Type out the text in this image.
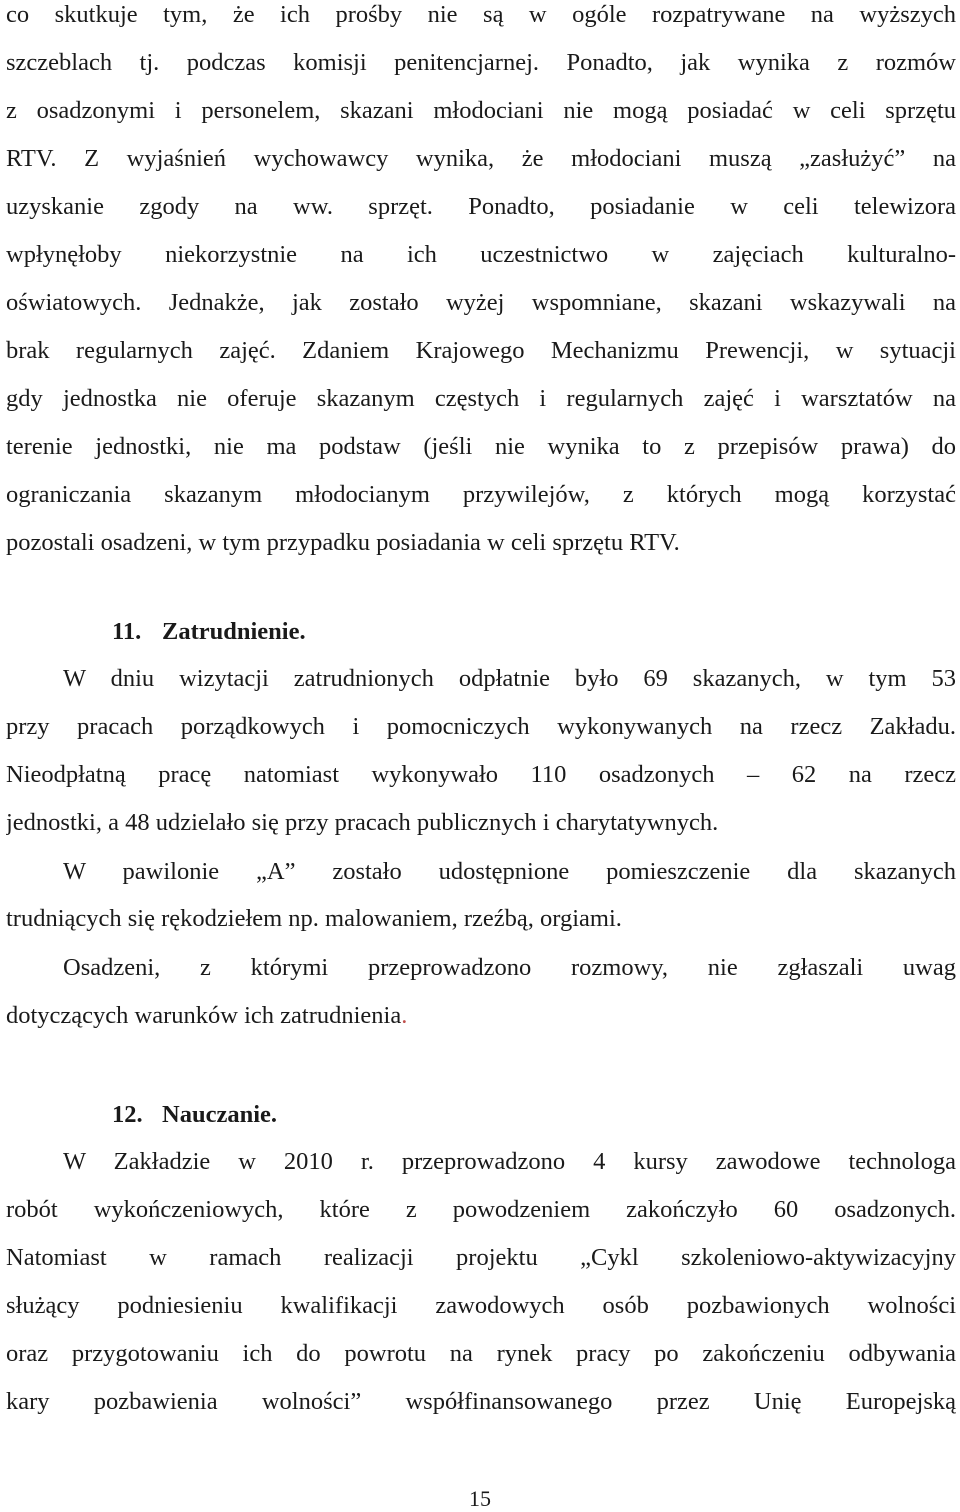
co skutkuje tym, że ich prośby nie są w ogóle rozpatrywane na wyższych
szczeblach tj. podczas komisji penitencjarnej. Ponadto, jak wynika z rozmów
z osadzonymi i personelem, skazani młodociani nie mogą posiadać w celi sprzętu
RTV. Z wyjaśnień wychowawcy wynika, że młodociani muszą „zasłużyć” na
uzyskanie zgody na ww. sprzęt. Ponadto, posiadanie w celi telewizora
wpłynęłoby niekorzystnie na ich uczestnictwo w zajęciach kulturalno-
oświatowych. Jednakże, jak zostało wyżej wspomniane, skazani wskazywali na
brak regularnych zajęć. Zdaniem Krajowego Mechanizmu Prewencji, w sytuacji
gdy jednostka nie oferuje skazanym częstych i regularnych zajęć i warsztatów na
terenie jednostki, nie ma podstaw (jeśli nie wynika to z przepisów prawa) do
ograniczania skazanym młodocianym przywilejów, z których mogą korzystać
pozostali osadzeni, w tym przypadku posiadania w celi sprzętu RTV.
11. Zatrudnienie.
W dniu wizytacji zatrudnionych odpłatnie było 69 skazanych, w tym 53
przy pracach porządkowych i pomocniczych wykonywanych na rzecz Zakładu.
Nieodpłatną pracę natomiast wykonywało 110 osadzonych – 62 na rzecz
jednostki, a 48 udzielało się przy pracach publicznych i charytatywnych.
W pawilonie „A” zostało udostępnione pomieszczenie dla skazanych
trudniących się rękodziełem np. malowaniem, rzeźbą, orgiami.
Osadzeni, z którymi przeprowadzono rozmowy, nie zgłaszali uwag
dotyczących warunków ich zatrudnienia.
12. Nauczanie.
W Zakładzie w 2010 r. przeprowadzono 4 kursy zawodowe technologa
robót wykończeniowych, które z powodzeniem zakończyło 60 osadzonych.
Natomiast w ramach realizacji projektu „Cykl szkoleniowo-aktywizacyjny
służący podniesieniu kwalifikacji zawodowych osób pozbawionych wolności
oraz przygotowaniu ich do powrotu na rynek pracy po zakończeniu odbywania
kary pozbawienia wolności” współfinansowanego przez Unię Europejską
15
